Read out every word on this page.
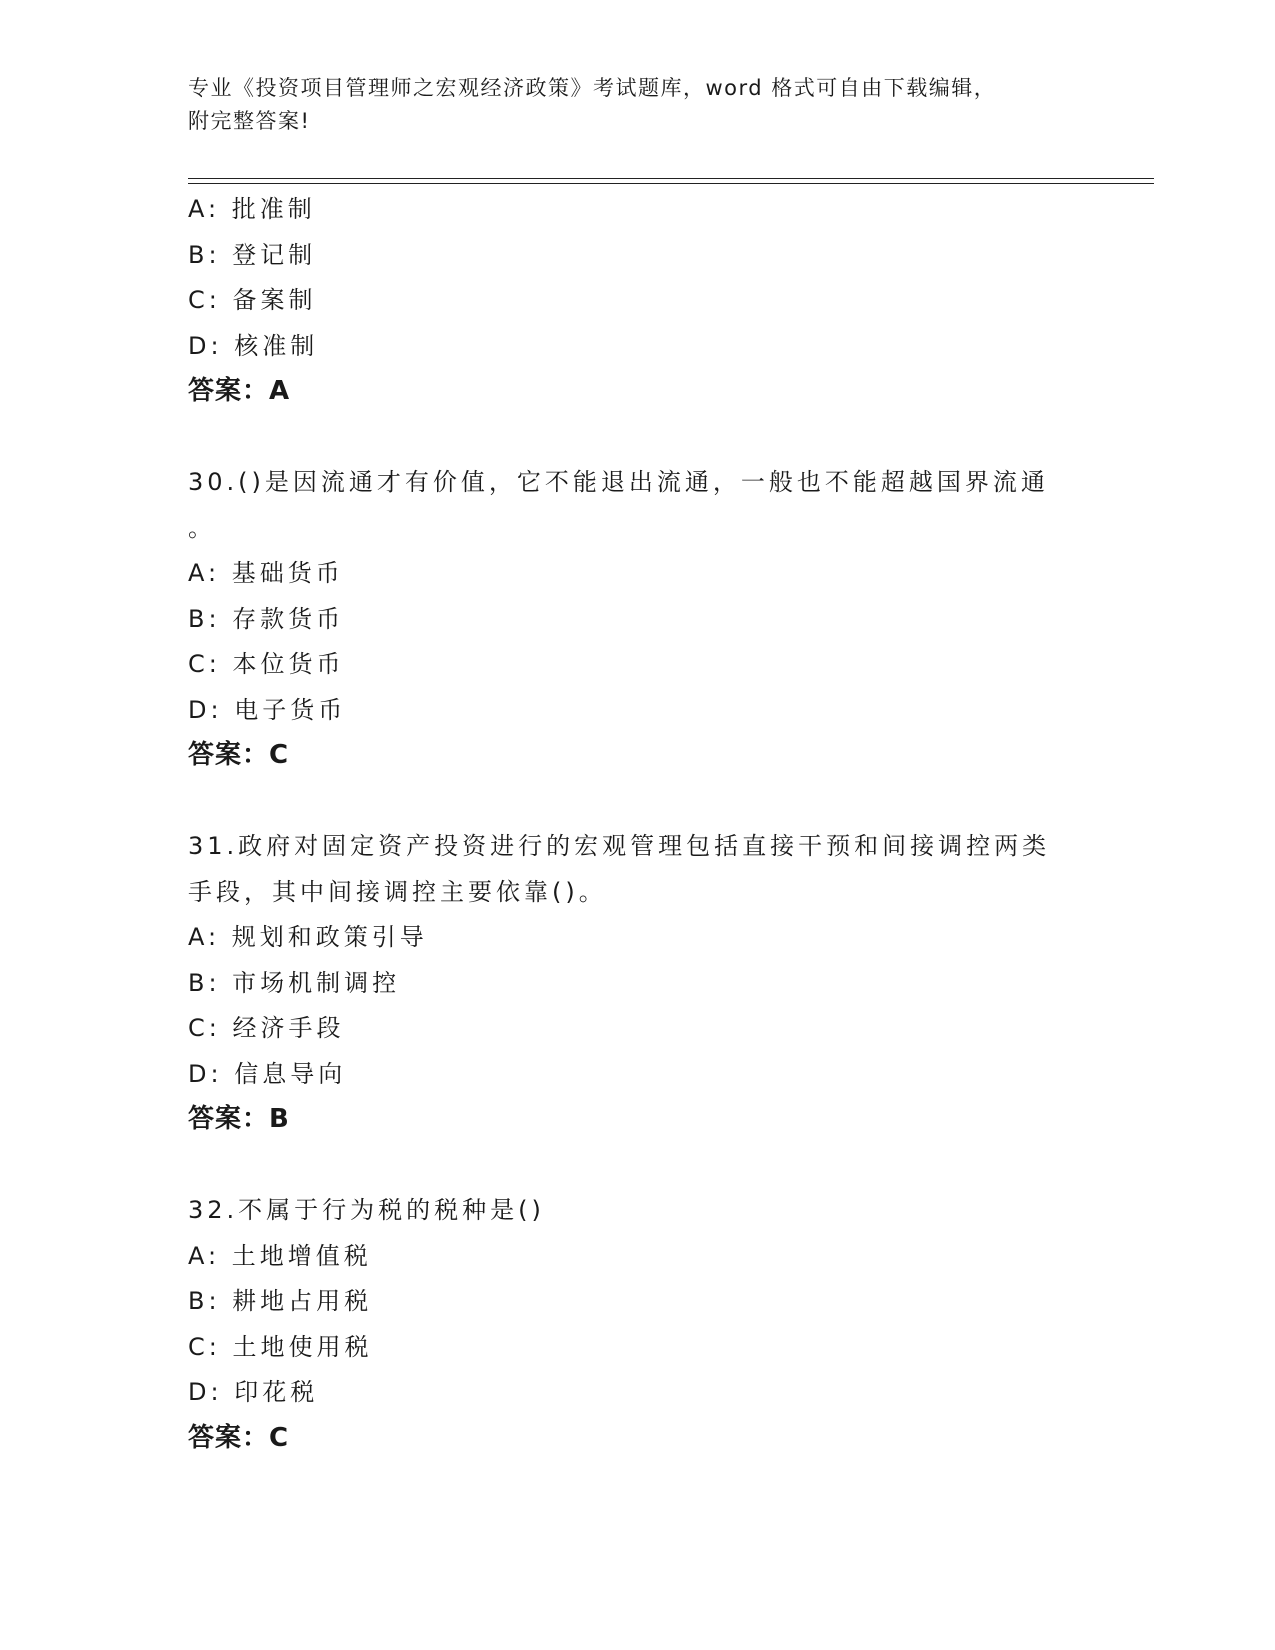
专业《投资项目管理师之宏观经济政策》考试题库，word 格式可自由下载编辑，
附完整答案!
A: 批准制
B: 登记制
C: 备案制
D: 核准制
答案：A
30.()是因流通才有价值，它不能退出流通，一般也不能超越国界流通
。
A: 基础货币
B: 存款货币
C: 本位货币
D: 电子货币
答案：C
31.政府对固定资产投资进行的宏观管理包括直接干预和间接调控两类
手段，其中间接调控主要依靠()。
A: 规划和政策引导
B: 市场机制调控
C: 经济手段
D: 信息导向
答案：B
32.不属于行为税的税种是()
A: 土地增值税
B: 耕地占用税
C: 土地使用税
D: 印花税
答案：C
